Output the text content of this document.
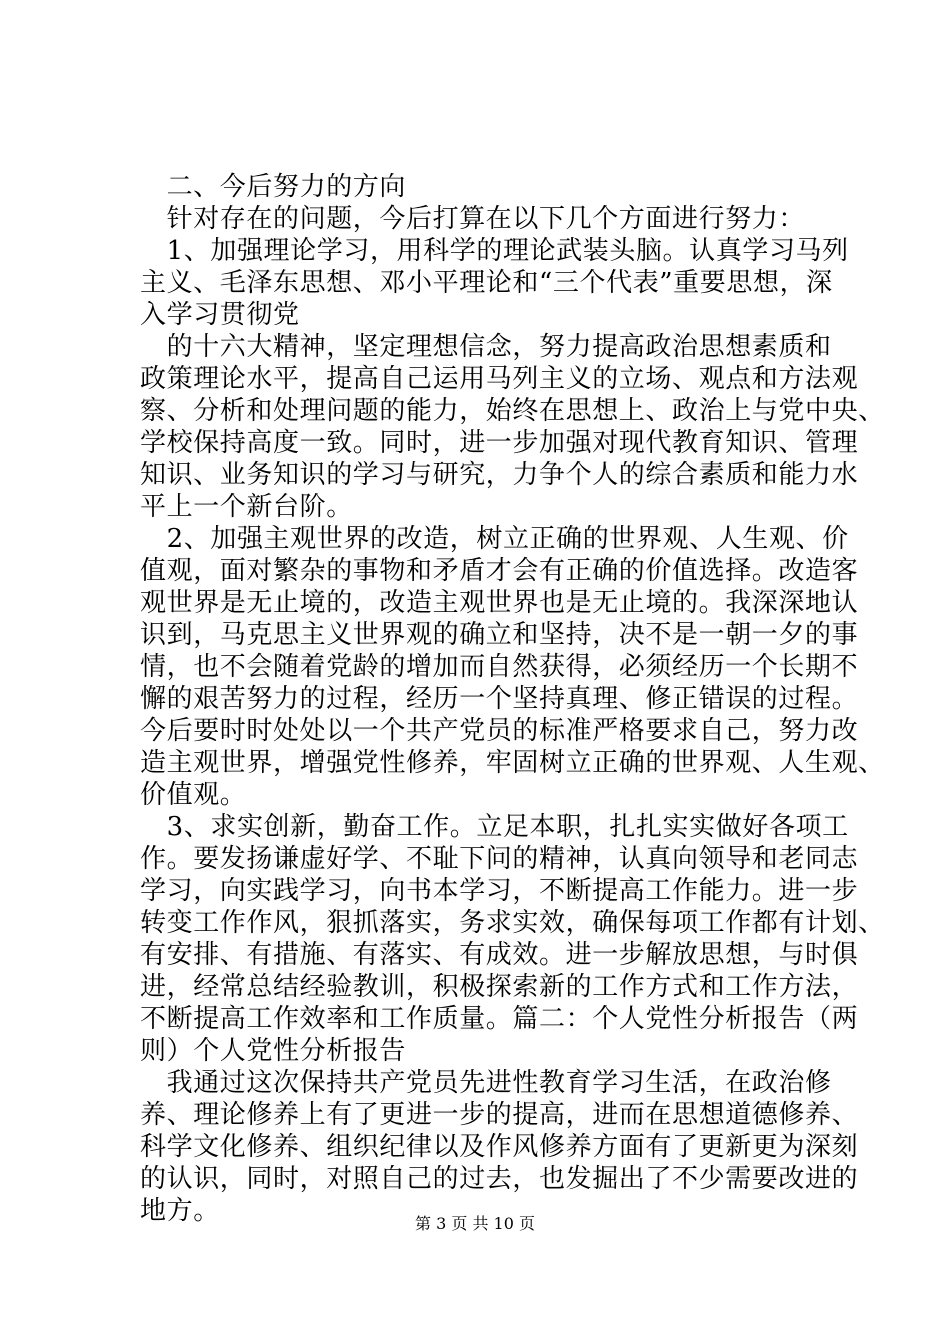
　二、今后努力的方向
　针对存在的问题，今后打算在以下几个方面进行努力：
　1、加强理论学习，用科学的理论武装头脑。认真学习马列
主义、毛泽东思想、邓小平理论和“三个代表”重要思想，深
入学习贯彻党
　的十六大精神，坚定理想信念，努力提高政治思想素质和
政策理论水平，提高自己运用马列主义的立场、观点和方法观
察、分析和处理问题的能力，始终在思想上、政治上与党中央、
学校保持高度一致。同时，进一步加强对现代教育知识、管理
知识、业务知识的学习与研究，力争个人的综合素质和能力水
平上一个新台阶。
　2、加强主观世界的改造，树立正确的世界观、人生观、价
值观，面对繁杂的事物和矛盾才会有正确的价值选择。改造客
观世界是无止境的，改造主观世界也是无止境的。我深深地认
识到，马克思主义世界观的确立和坚持，决不是一朝一夕的事
情，也不会随着党龄的增加而自然获得，必须经历一个长期不
懈的艰苦努力的过程，经历一个坚持真理、修正错误的过程。
今后要时时处处以一个共产党员的标准严格要求自己，努力改
造主观世界，增强党性修养，牢固树立正确的世界观、人生观、
价值观。
　3、求实创新，勤奋工作。立足本职，扎扎实实做好各项工
作。要发扬谦虚好学、不耻下问的精神，认真向领导和老同志
学习，向实践学习，向书本学习，不断提高工作能力。进一步
转变工作作风，狠抓落实，务求实效，确保每项工作都有计划、
有安排、有措施、有落实、有成效。进一步解放思想，与时俱
进，经常总结经验教训，积极探索新的工作方式和工作方法，
不断提高工作效率和工作质量。篇二：个人党性分析报告（两
则）个人党性分析报告
　我通过这次保持共产党员先进性教育学习生活，在政治修
养、理论修养上有了更进一步的提高，进而在思想道德修养、
科学文化修养、组织纪律以及作风修养方面有了更新更为深刻
的认识，同时，对照自己的过去，也发掘出了不少需要改进的
地方。	第 3 页 共 10 页
